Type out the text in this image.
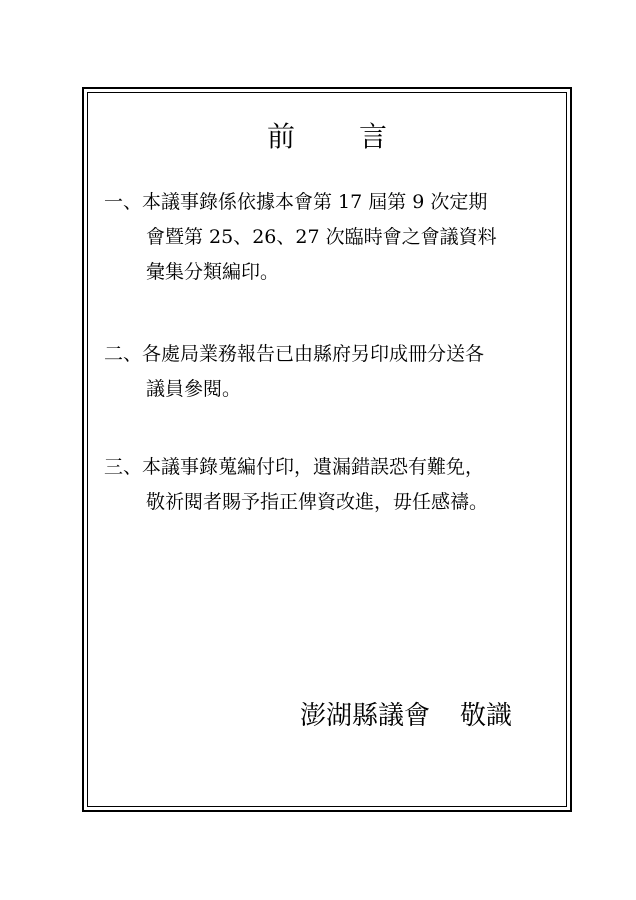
前 言
一、本議事錄係依據本會第 17 屆第 9 次定期
會暨第 25、26、27 次臨時會之會議資料
彙集分類編印。
二、各處局業務報告已由縣府另印成冊分送各
議員參閱。
三、本議事錄蒐編付印，遺漏錯誤恐有難免，
敬祈閱者賜予指正俾資改進，毋任感禱。
澎湖縣議會 敬識
